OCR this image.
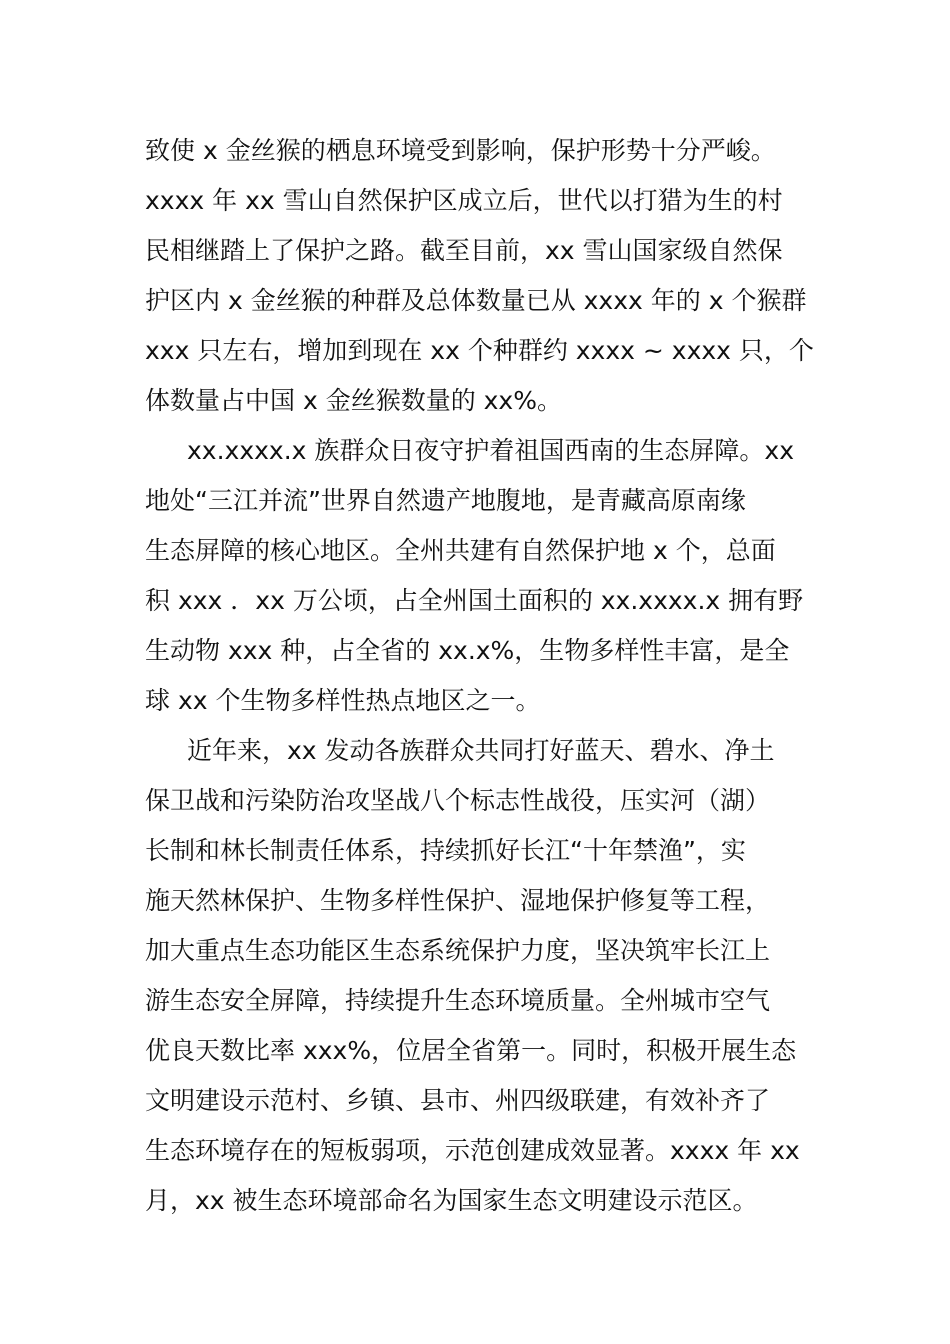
致使 x 金丝猴的栖息环境受到影响，保护形势十分严峻。
xxxx 年 xx 雪山自然保护区成立后，世代以打猎为生的村
民相继踏上了保护之路。截至目前，xx 雪山国家级自然保
护区内 x 金丝猴的种群及总体数量已从 xxxx 年的 x 个猴群
xxx 只左右，增加到现在 xx 个种群约 xxxx ~ xxxx 只，个
体数量占中国 x 金丝猴数量的 xx%。
xx.xxxx.x 族群众日夜守护着祖国西南的生态屏障。xx
地处“三江并流”世界自然遗产地腹地，是青藏高原南缘
生态屏障的核心地区。全州共建有自然保护地 x 个，总面
积 xxx ．xx 万公顷，占全州国土面积的 xx.xxxx.x 拥有野
生动物 xxx 种，占全省的 xx.x%，生物多样性丰富，是全
球 xx 个生物多样性热点地区之一。
近年来，xx 发动各族群众共同打好蓝天、碧水、净土
保卫战和污染防治攻坚战八个标志性战役，压实河（湖）
长制和林长制责任体系，持续抓好长江“十年禁渔”，实
施天然林保护、生物多样性保护、湿地保护修复等工程，
加大重点生态功能区生态系统保护力度，坚决筑牢长江上
游生态安全屏障，持续提升生态环境质量。全州城市空气
优良天数比率 xxx%，位居全省第一。同时，积极开展生态
文明建设示范村、乡镇、县市、州四级联建，有效补齐了
生态环境存在的短板弱项，示范创建成效显著。xxxx 年 xx
月，xx 被生态环境部命名为国家生态文明建设示范区。
